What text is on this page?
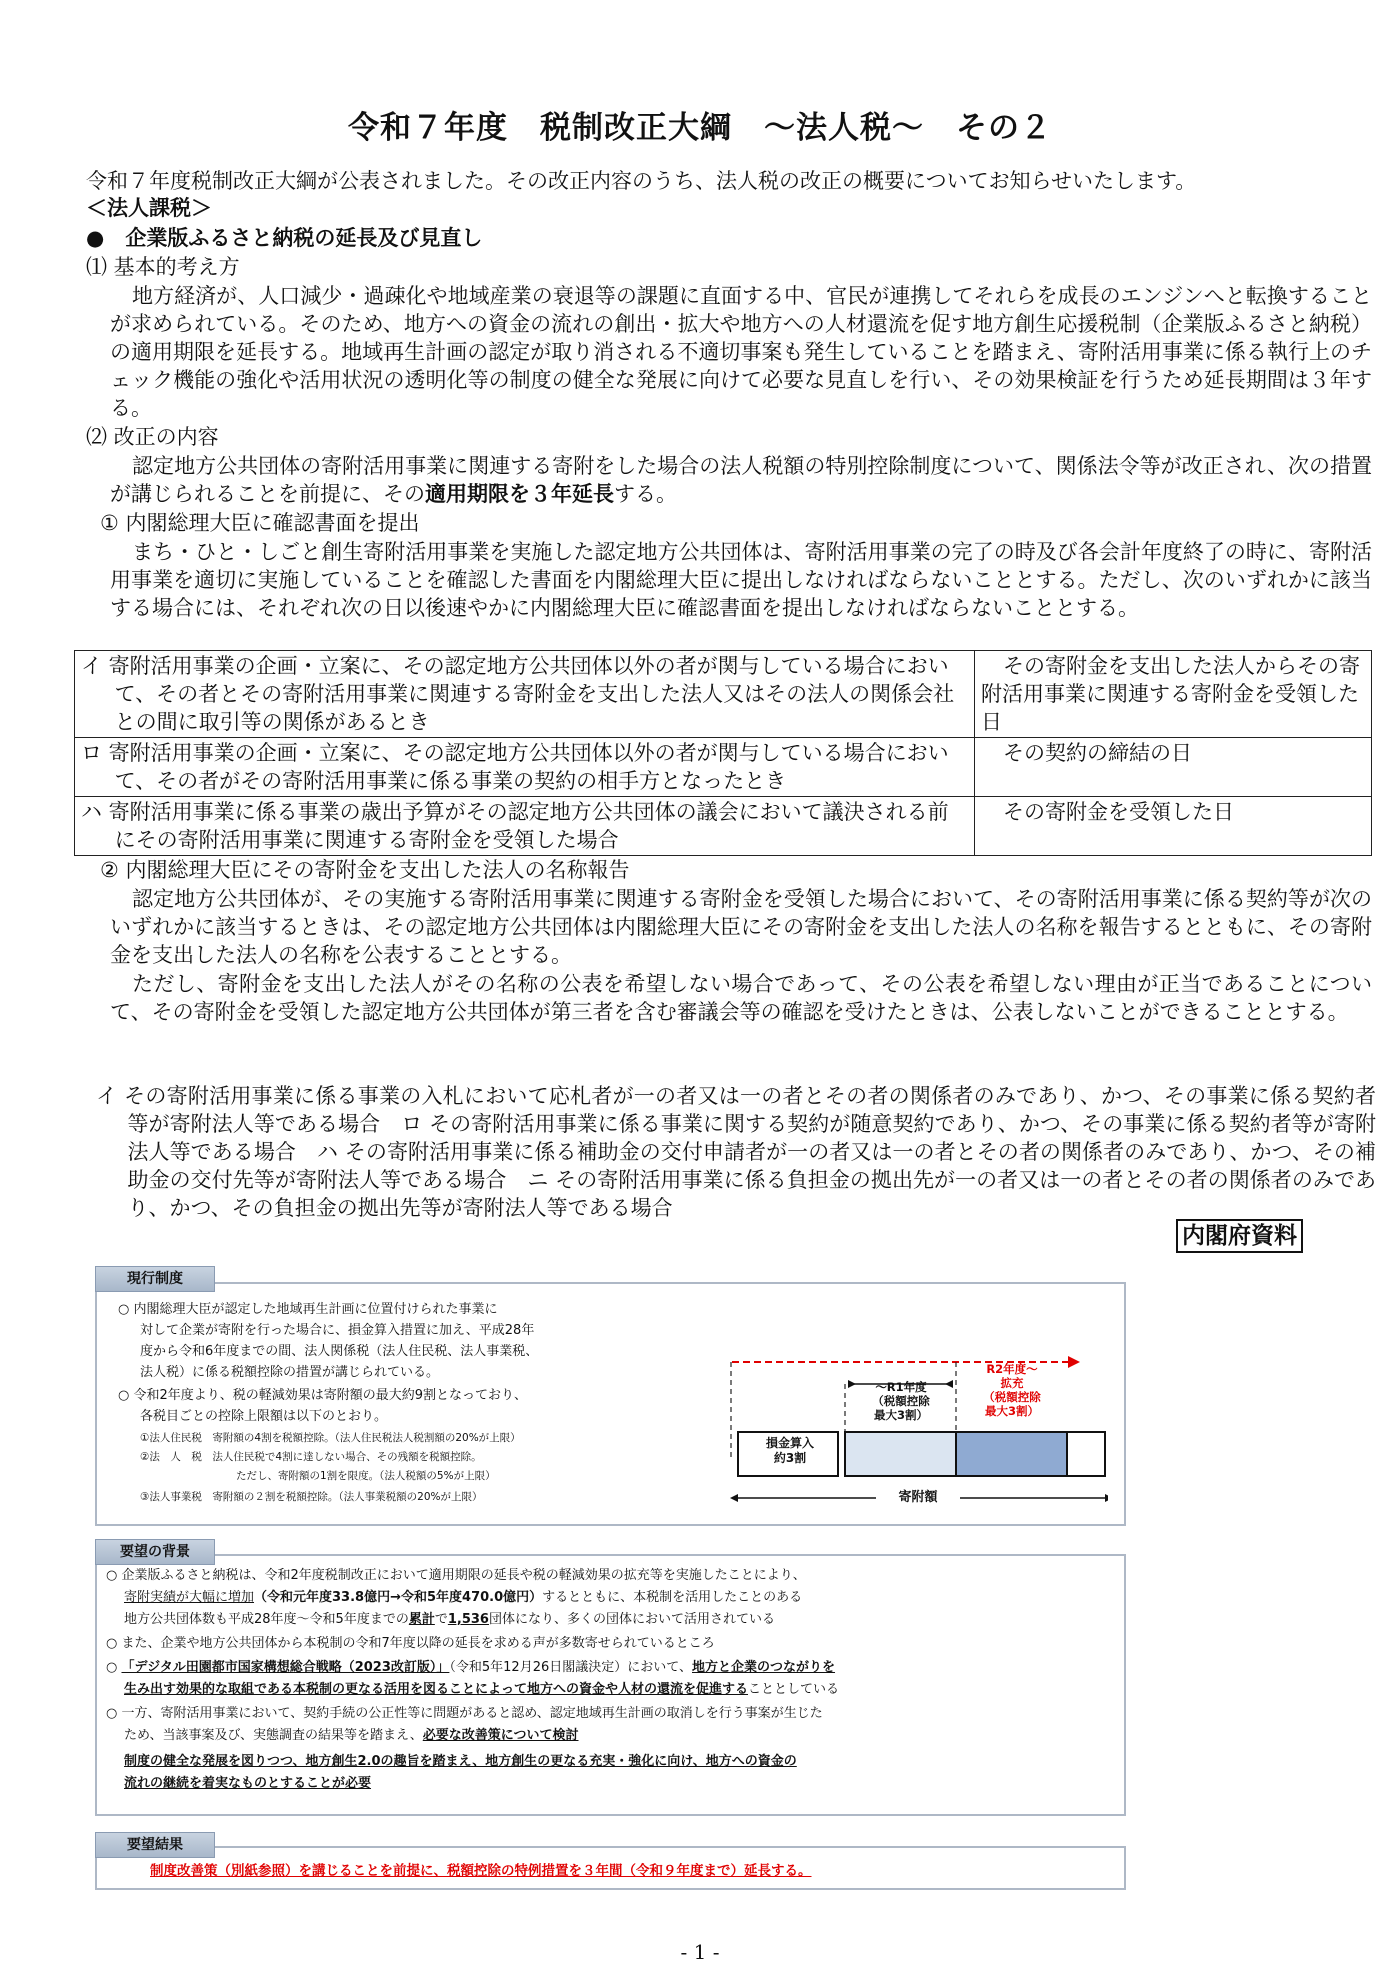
令和７年度　税制改正大綱　～法人税～　その２
令和７年度税制改正大綱が公表されました。その改正内容のうち、法人税の改正の概要についてお知らせいたします。
＜法人課税＞
●　企業版ふるさと納税の延長及び見直し
⑴ 基本的考え方
地方経済が、人口減少・過疎化や地域産業の衰退等の課題に直面する中、官民が連携してそれらを成長のエンジンへと転換することが求められている。そのため、地方への資金の流れの創出・拡大や地方への人材還流を促す地方創生応援税制（企業版ふるさと納税）の適用期限を延長する。地域再生計画の認定が取り消される不適切事案も発生していることを踏まえ、寄附活用事業に係る執行上のチェック機能の強化や活用状況の透明化等の制度の健全な発展に向けて必要な見直しを行い、その効果検証を行うため延長期間は３年する。
⑵ 改正の内容
認定地方公共団体の寄附活用事業に関連する寄附をした場合の法人税額の特別控除制度について、関係法令等が改正され、次の措置が講じられることを前提に、その適用期限を３年延長する。
① 内閣総理大臣に確認書面を提出
まち・ひと・しごと創生寄附活用事業を実施した認定地方公共団体は、寄附活用事業の完了の時及び各会計年度終了の時に、寄附活用事業を適切に実施していることを確認した書面を内閣総理大臣に提出しなければならないこととする。ただし、次のいずれかに該当する場合には、それぞれ次の日以後速やかに内閣総理大臣に確認書面を提出しなければならないこととする。
イ 寄附活用事業の企画・立案に、その認定地方公共団体以外の者が関与している場合において、その者とその寄附活用事業に関連する寄附金を支出した法人又はその法人の関係会社との間に取引等の関係があるとき	その寄附金を支出した法人からその寄附活用事業に関連する寄附金を受領した日

ロ 寄附活用事業の企画・立案に、その認定地方公共団体以外の者が関与している場合において、その者がその寄附活用事業に係る事業の契約の相手方となったとき	その契約の締結の日

ハ 寄附活用事業に係る事業の歳出予算がその認定地方公共団体の議会において議決される前にその寄附活用事業に関連する寄附金を受領した場合	その寄附金を受領した日
② 内閣総理大臣にその寄附金を支出した法人の名称報告
認定地方公共団体が、その実施する寄附活用事業に関連する寄附金を受領した場合において、その寄附活用事業に係る契約等が次のいずれかに該当するときは、その認定地方公共団体は内閣総理大臣にその寄附金を支出した法人の名称を報告するとともに、その寄附金を支出した法人の名称を公表することとする。
ただし、寄附金を支出した法人がその名称の公表を希望しない場合であって、その公表を希望しない理由が正当であることについて、その寄附金を受領した認定地方公共団体が第三者を含む審議会等の確認を受けたときは、公表しないことができることとする。

イ その寄附活用事業に係る事業の入札において応札者が一の者又は一の者とその者の関係者のみであり、かつ、その事業に係る契約者等が寄附法人等である場合　ロ その寄附活用事業に係る事業に関する契約が随意契約であり、かつ、その事業に係る契約者等が寄附法人等である場合　ハ その寄附活用事業に係る補助金の交付申請者が一の者又は一の者とその者の関係者のみであり、かつ、その補助金の交付先等が寄附法人等である場合　ニ その寄附活用事業に係る負担金の拠出先が一の者又は一の者とその者の関係者のみであり、かつ、その負担金の拠出先等が寄附法人等である場合

内閣府資料
現行制度
○ 内閣総理大臣が認定した地域再生計画に位置付けられた事業に
対して企業が寄附を行った場合に、損金算入措置に加え、平成28年
度から令和6年度までの間、法人関係税（法人住民税、法人事業税、
法人税）に係る税額控除の措置が講じられている。
○ 令和2年度より、税の軽減効果は寄附額の最大約9割となっており、
各税目ごとの控除上限額は以下のとおり。
①法人住民税　寄附額の4割を税額控除。（法人住民税法人税割額の20%が上限）
②法　人　税　法人住民税で4割に達しない場合、その残額を税額控除。
ただし、寄附額の1割を限度。（法人税額の5%が上限）
③法人事業税　寄附額の２割を税額控除。（法人事業税額の20%が上限）
損金算入
約3割
～R1年度
（税額控除
最大3割）
R2年度～
拡充
（税額控除
最大3割）
寄附額
要望の背景
○ 企業版ふるさと納税は、令和2年度税制改正において適用期限の延長や税の軽減効果の拡充等を実施したことにより、
寄附実績が大幅に増加（令和元年度33.8億円→令和5年度470.0億円）するとともに、本税制を活用したことのある
地方公共団体数も平成28年度～令和5年度までの累計で1,536団体になり、多くの団体において活用されている
○ また、企業や地方公共団体から本税制の令和7年度以降の延長を求める声が多数寄せられているところ
○ 「デジタル田園都市国家構想総合戦略（2023改訂版）」（令和5年12月26日閣議決定）において、地方と企業のつながりを
生み出す効果的な取組である本税制の更なる活用を図ることによって地方への資金や人材の還流を促進することとしている
○ 一方、寄附活用事業において、契約手続の公正性等に問題があると認め、認定地域再生計画の取消しを行う事案が生じた
ため、当該事案及び、実態調査の結果等を踏まえ、必要な改善策について検討
制度の健全な発展を図りつつ、地方創生2.0の趣旨を踏まえ、地方創生の更なる充実・強化に向け、地方への資金の
流れの継続を着実なものとすることが必要
要望結果
制度改善策（別紙参照）を講じることを前提に、税額控除の特例措置を３年間（令和９年度まで）延長する。
- 1 -
